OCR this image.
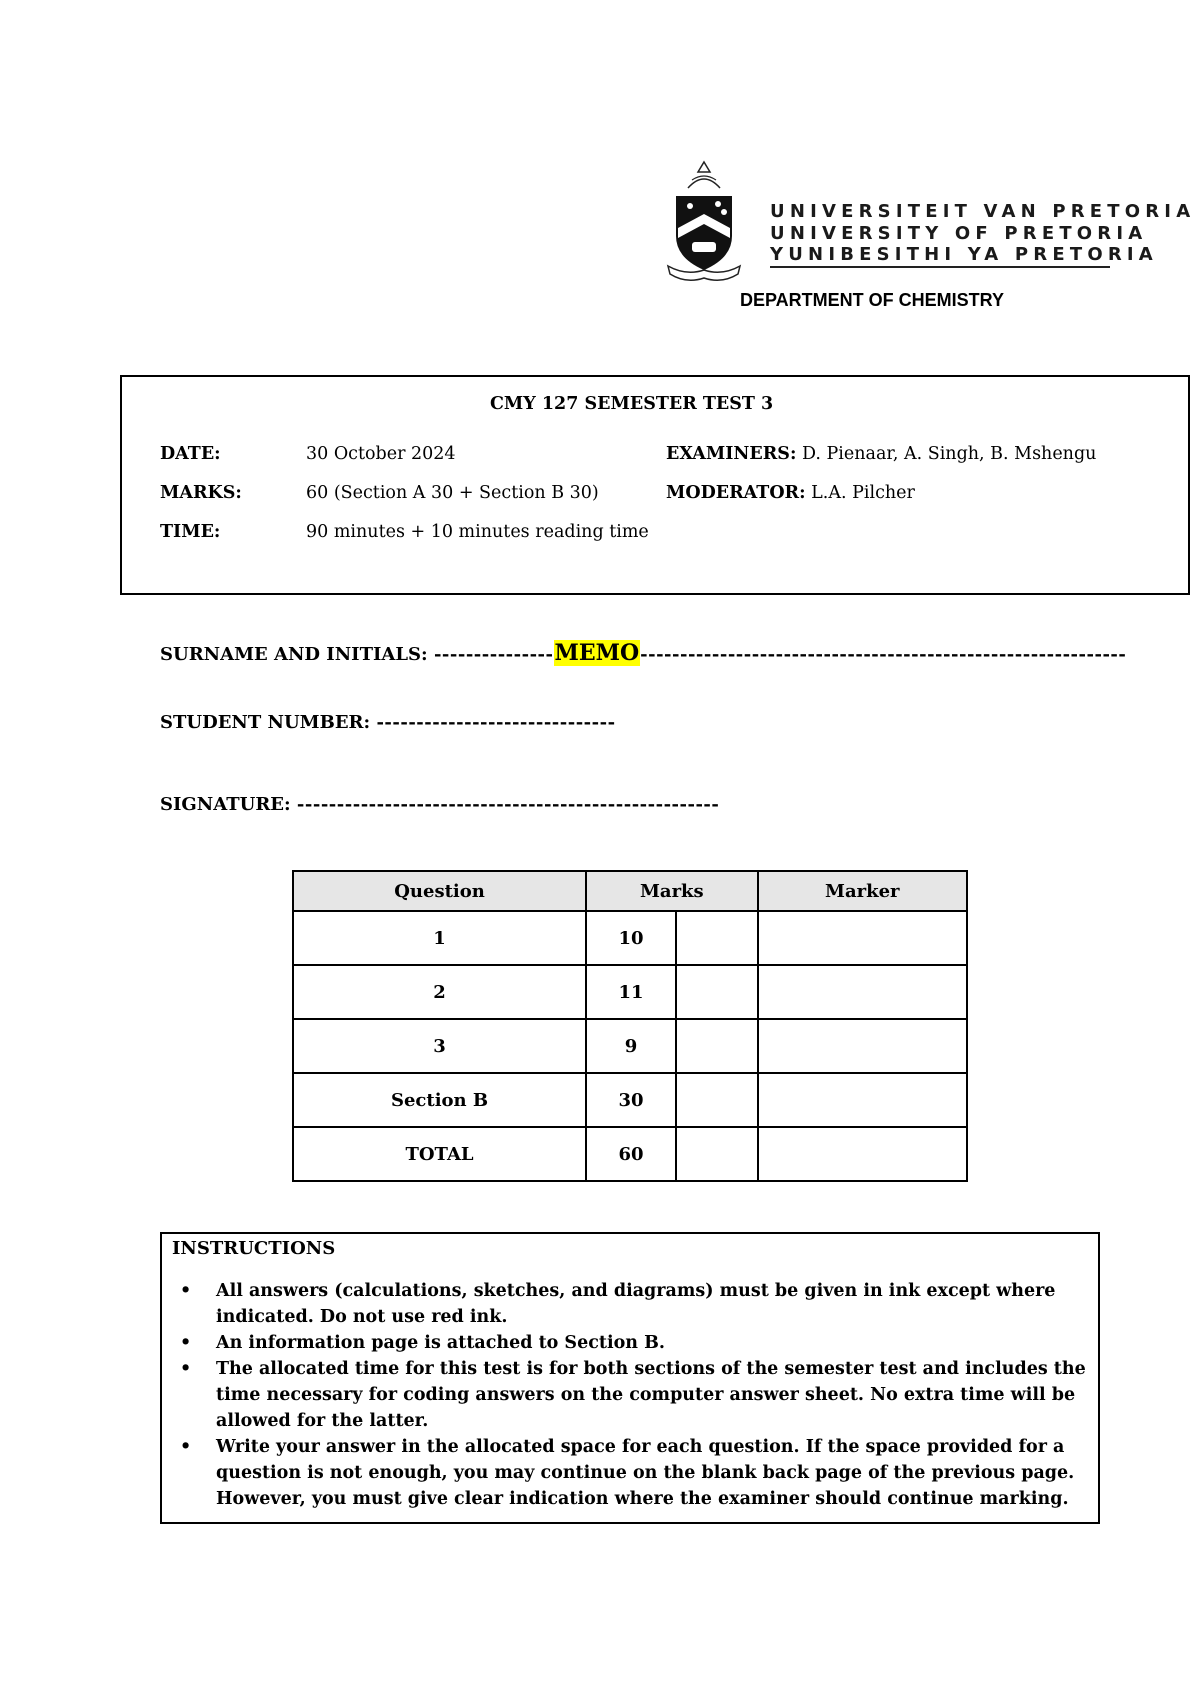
UNIVERSITEIT VAN PRETORIA
UNIVERSITY OF PRETORIA
YUNIBESITHI YA PRETORIA
DEPARTMENT OF CHEMISTRY
CMY 127 SEMESTER TEST 3
DATE:	30 October 2024
MARKS:	60 (Section A 30 + Section B 30)
TIME:	90 minutes + 10 minutes reading time
EXAMINERS: D. Pienaar, A. Singh, B. Mshengu
MODERATOR: L.A. Pilcher
SURNAME AND INITIALS: ---------------MEMO-------------------------------------------------------------
STUDENT NUMBER: ------------------------------
SIGNATURE: -----------------------------------------------------
Question	Marks		Marker
1	10		
2	11		
3	9		
Section B	30		
TOTAL	60		
INSTRUCTIONS
• All answers (calculations, sketches, and diagrams) must be given in ink except where indicated. Do not use red ink.
• An information page is attached to Section B.
• The allocated time for this test is for both sections of the semester test and includes the time necessary for coding answers on the computer answer sheet. No extra time will be allowed for the latter.
• Write your answer in the allocated space for each question. If the space provided for a question is not enough, you may continue on the blank back page of the previous page. However, you must give clear indication where the examiner should continue marking.
